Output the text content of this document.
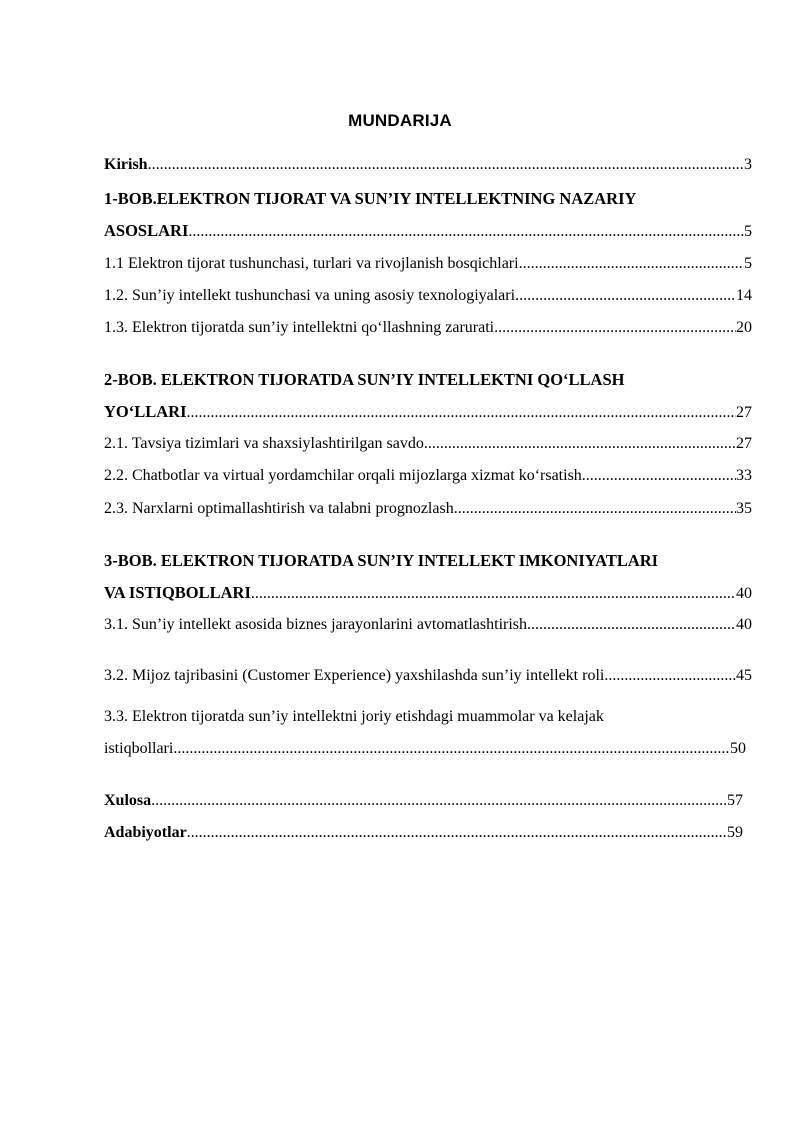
MUNDARIJA
Kirish .....	3
1-BOB.ELEKTRON TIJORAT VA SUN’IY INTELLEKTNING NAZARIY
ASOSLARI .....	5
1.1 Elektron tijorat tushunchasi, turlari va rivojlanish bosqichlari .....	5
1.2. Sun’iy intellekt tushunchasi va uning asosiy texnologiyalari .....	14
1.3. Elektron tijoratda sun’iy intellektni qo‘llashning zarurati .....	20
2-BOB. ELEKTRON TIJORATDA SUN’IY INTELLEKTNI QO‘LLASH
YO‘LLARI .....	27
2.1. Tavsiya tizimlari va shaxsiylashtirilgan savdo .....	27
2.2. Chatbotlar va virtual yordamchilar orqali mijozlarga xizmat ko‘rsatish .....	33
2.3. Narxlarni optimallashtirish va talabni prognozlash .....	35
3-BOB. ELEKTRON TIJORATDA SUN’IY INTELLEKT IMKONIYATLARI
VA ISTIQBOLLARI .....	40
3.1. Sun’iy intellekt asosida biznes jarayonlarini avtomatlashtirish .....	40
3.2. Mijoz tajribasini (Customer Experience) yaxshilashda sun’iy intellekt roli .....	45
3.3. Elektron tijoratda sun’iy intellektni joriy etishdagi muammolar va kelajak
istiqbollari .....	50
Xulosa .....	57
Adabiyotlar .....	59
